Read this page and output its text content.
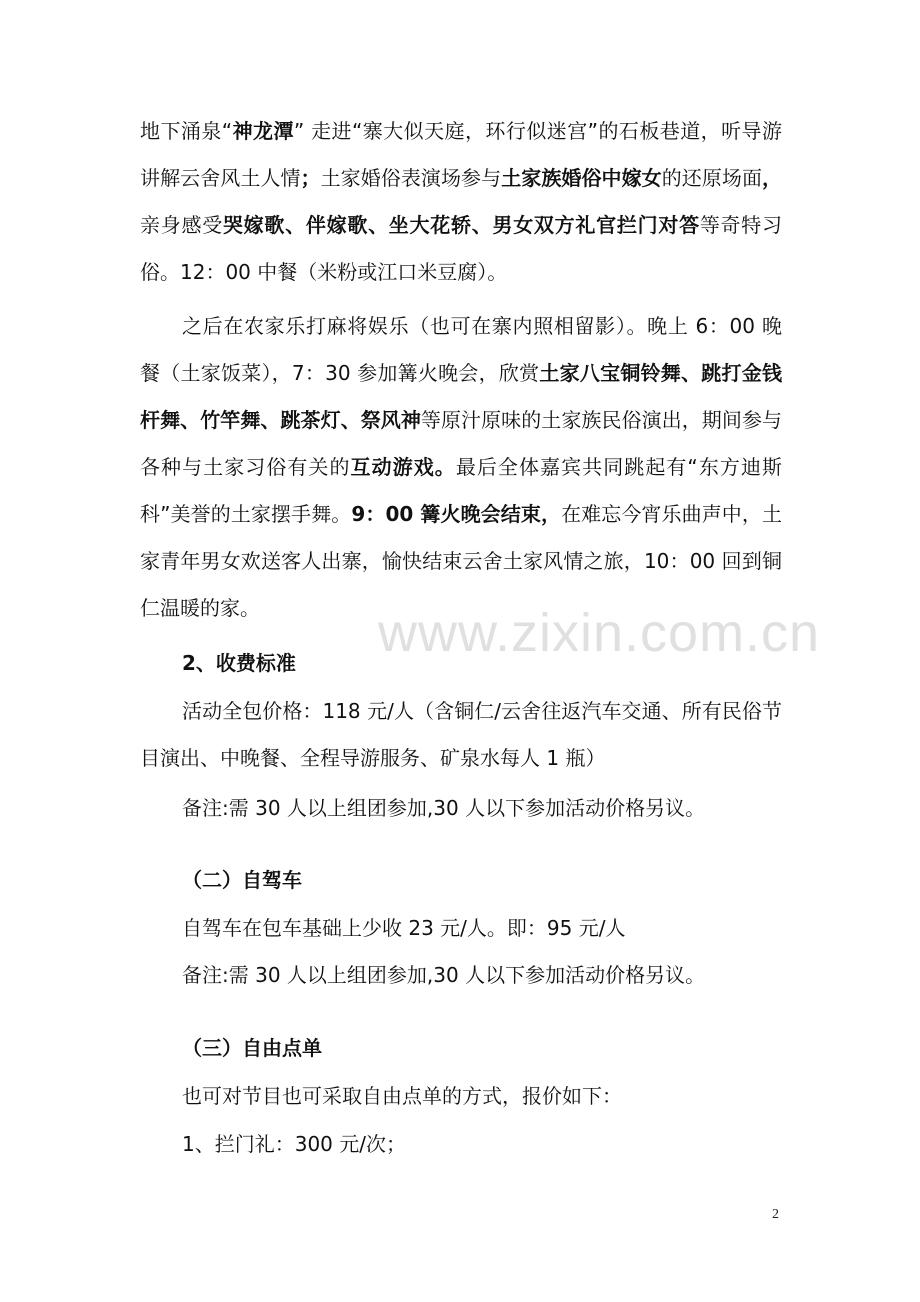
地下涌泉“神龙潭” 走进“寨大似天庭，环行似迷宫”的石板巷道，听导游讲解云舍风土人情；土家婚俗表演场参与土家族婚俗中嫁女的还原场面，亲身感受哭嫁歌、伴嫁歌、坐大花轿、男女双方礼官拦门对答等奇特习俗。12：00 中餐（米粉或江口米豆腐）。

之后在农家乐打麻将娱乐（也可在寨内照相留影）。晚上 6：00 晚餐（土家饭菜），7：30 参加篝火晚会，欣赏土家八宝铜铃舞、跳打金钱杆舞、竹竿舞、跳茶灯、祭风神等原汁原味的土家族民俗演出，期间参与各种与土家习俗有关的互动游戏。最后全体嘉宾共同跳起有“东方迪斯科”美誉的土家摆手舞。9：00 篝火晚会结束，在难忘今宵乐曲声中，土家青年男女欢送客人出寨，愉快结束云舍土家风情之旅，10：00 回到铜仁温暖的家。

2、收费标准

活动全包价格：118 元/人（含铜仁/云舍往返汽车交通、所有民俗节目演出、中晚餐、全程导游服务、矿泉水每人 1 瓶）

备注:需 30 人以上组团参加,30 人以下参加活动价格另议。

（二）自驾车

自驾车在包车基础上少收 23 元/人。即：95 元/人

备注:需 30 人以上组团参加,30 人以下参加活动价格另议。

（三）自由点单

也可对节目也可采取自由点单的方式，报价如下：

1、拦门礼：300 元/次；

www.zixin.com.cn
2
